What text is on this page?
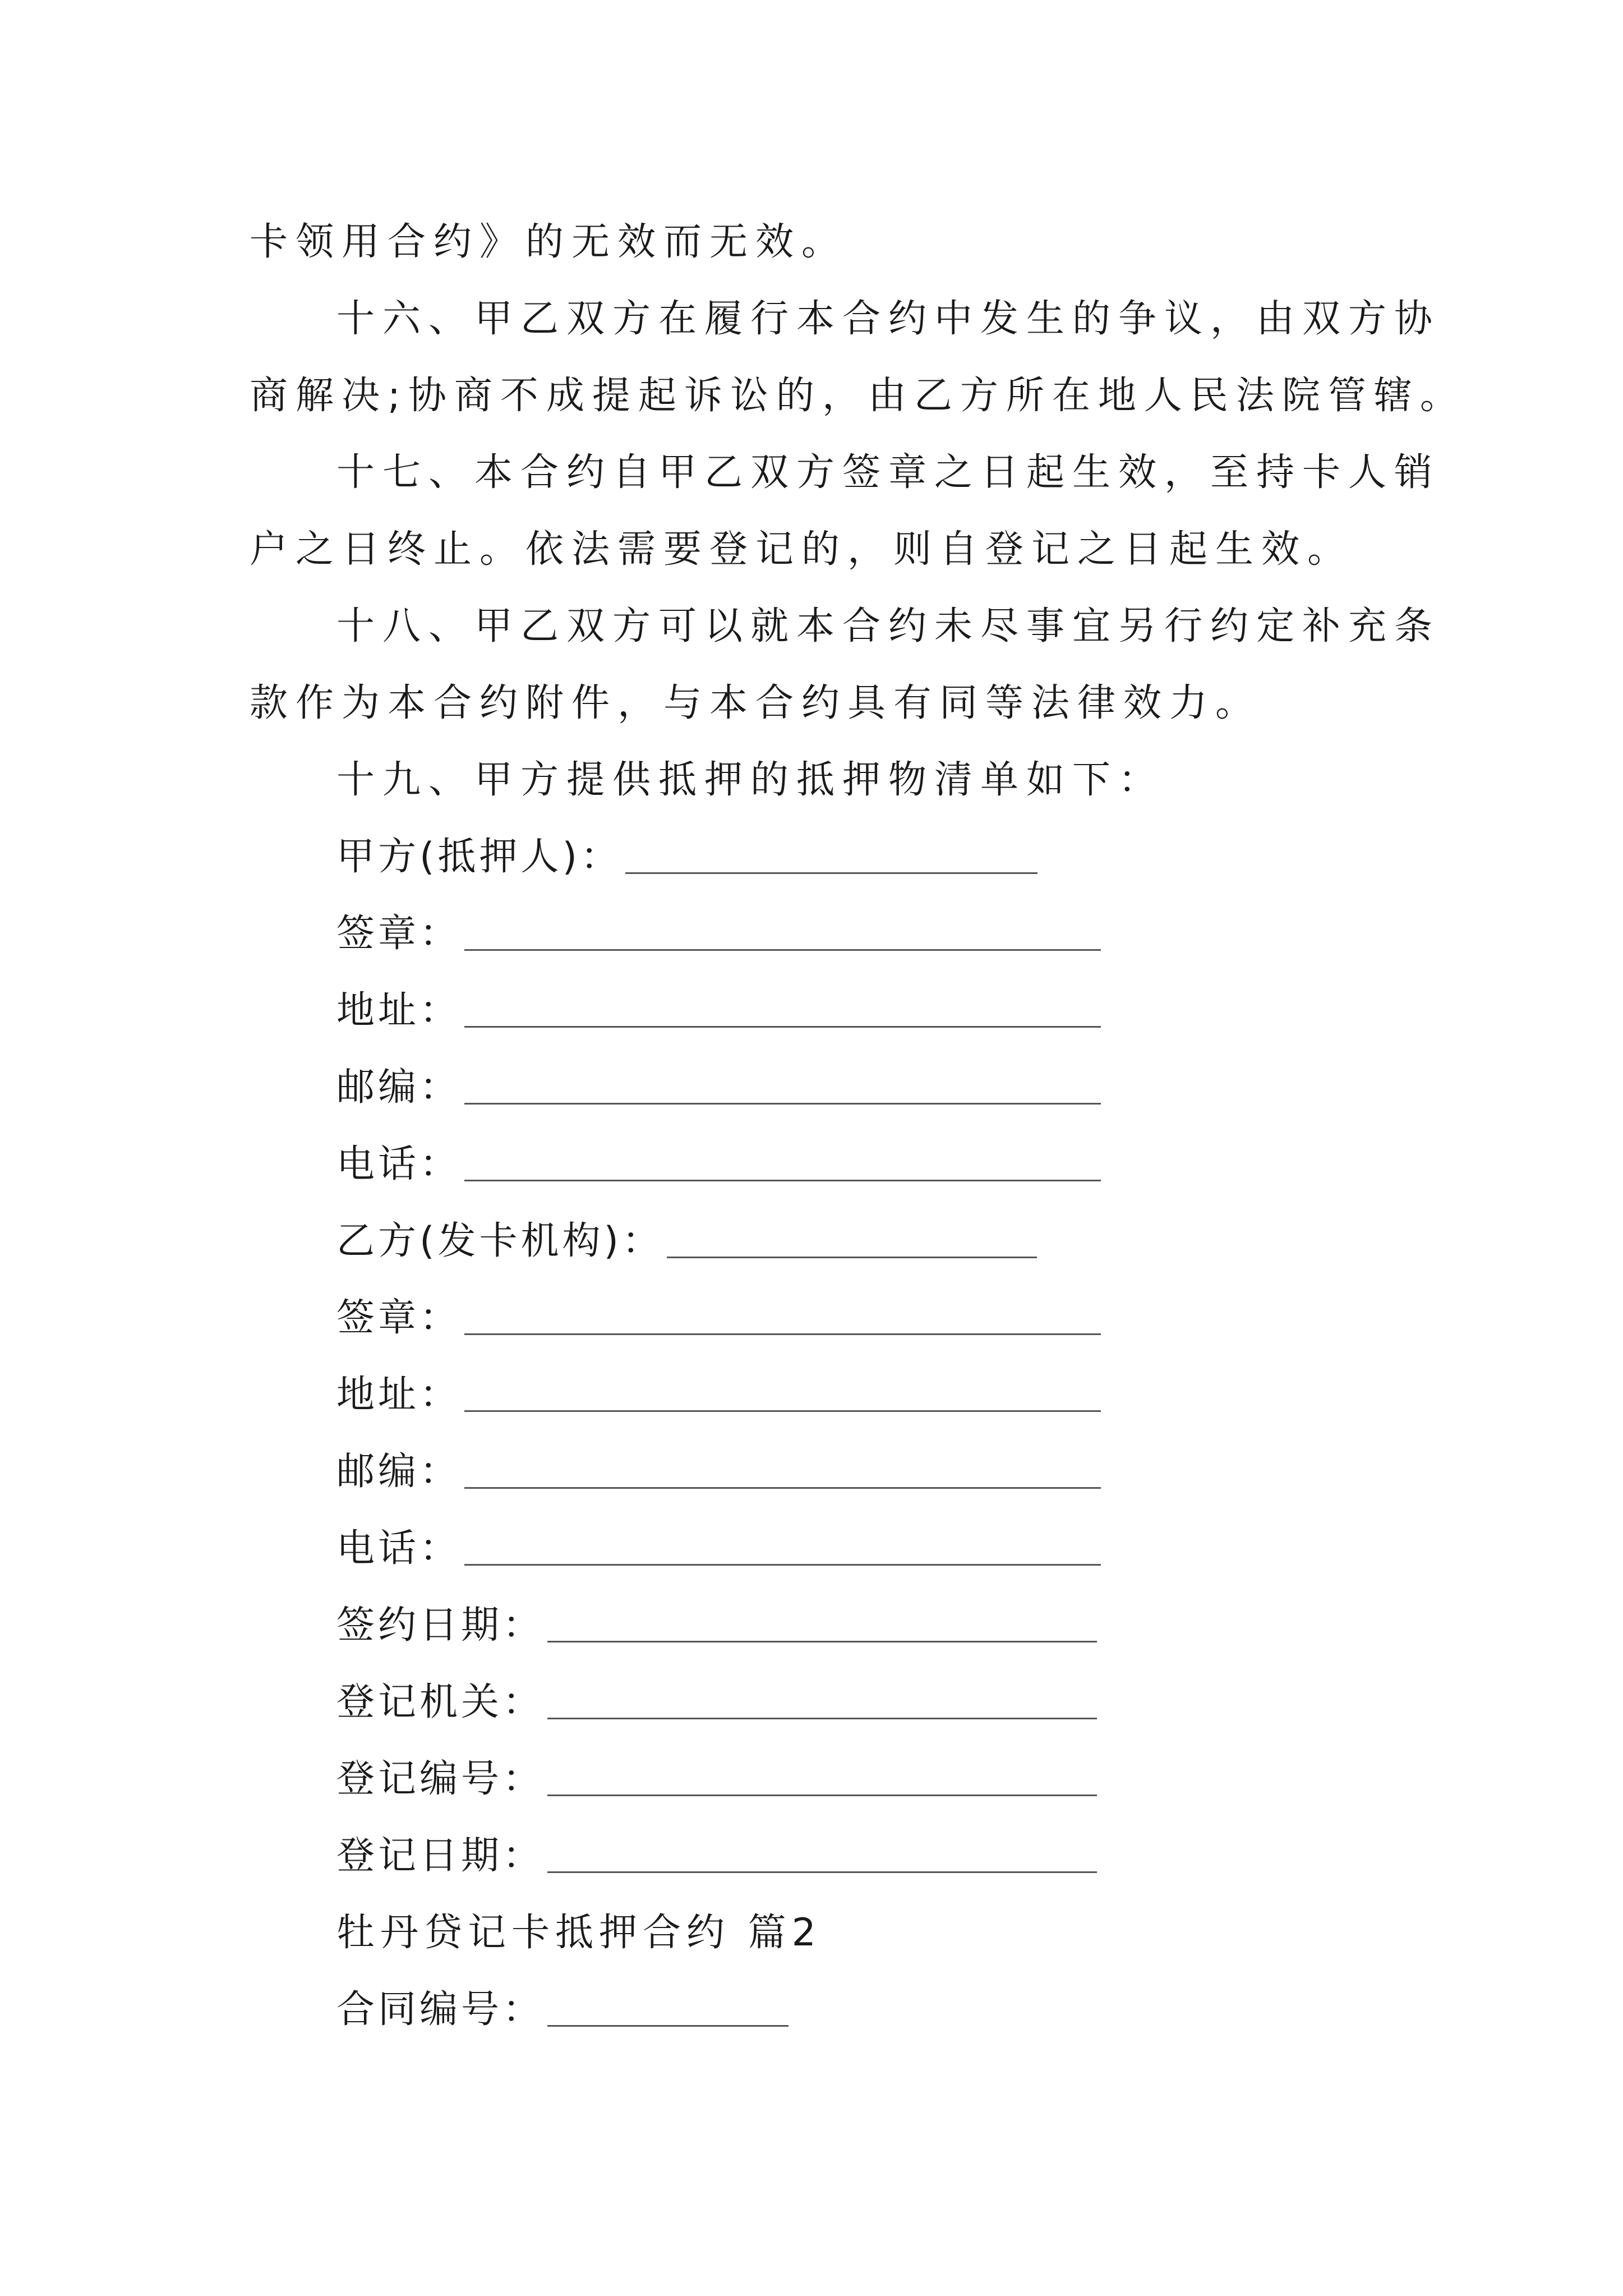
卡领用合约》的无效而无效。
十六、甲乙双方在履行本合约中发生的争议，由双方协
商解决;协商不成提起诉讼的，由乙方所在地人民法院管辖。
十七、本合约自甲乙双方签章之日起生效，至持卡人销
户之日终止。依法需要登记的，则自登记之日起生效。
十八、甲乙双方可以就本合约未尽事宜另行约定补充条
款作为本合约附件，与本合约具有同等法律效力。
十九、甲方提供抵押的抵押物清单如下：
甲方(抵押人)：
签章：
地址：
邮编：
电话：
乙方(发卡机构)：
签章：
地址：
邮编：
电话：
签约日期：
登记机关：
登记编号：
登记日期：
牡丹贷记卡抵押合约 篇2
合同编号：
